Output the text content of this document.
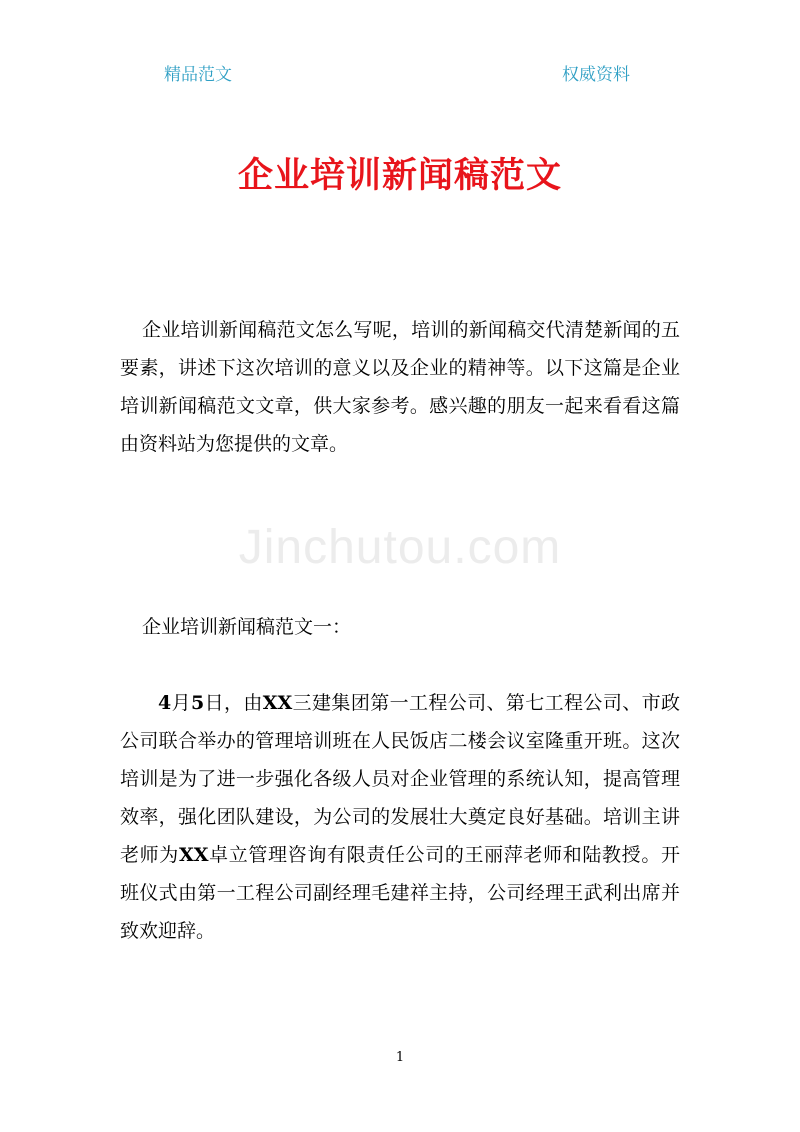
精品范文	权威资料
企业培训新闻稿范文
企业培训新闻稿范文怎么写呢，培训的新闻稿交代清楚新闻的五要素，讲述下这次培训的意义以及企业的精神等。以下这篇是企业培训新闻稿范文文章，供大家参考。感兴趣的朋友一起来看看这篇由资料站为您提供的文章。
Jinchutou.com
企业培训新闻稿范文一：
4月5日，由XX三建集团第一工程公司、第七工程公司、市政公司联合举办的管理培训班在人民饭店二楼会议室隆重开班。这次培训是为了进一步强化各级人员对企业管理的系统认知，提高管理效率，强化团队建设，为公司的发展壮大奠定良好基础。培训主讲老师为XX卓立管理咨询有限责任公司的王丽萍老师和陆教授。开班仪式由第一工程公司副经理毛建祥主持，公司经理王武利出席并致欢迎辞。
1
